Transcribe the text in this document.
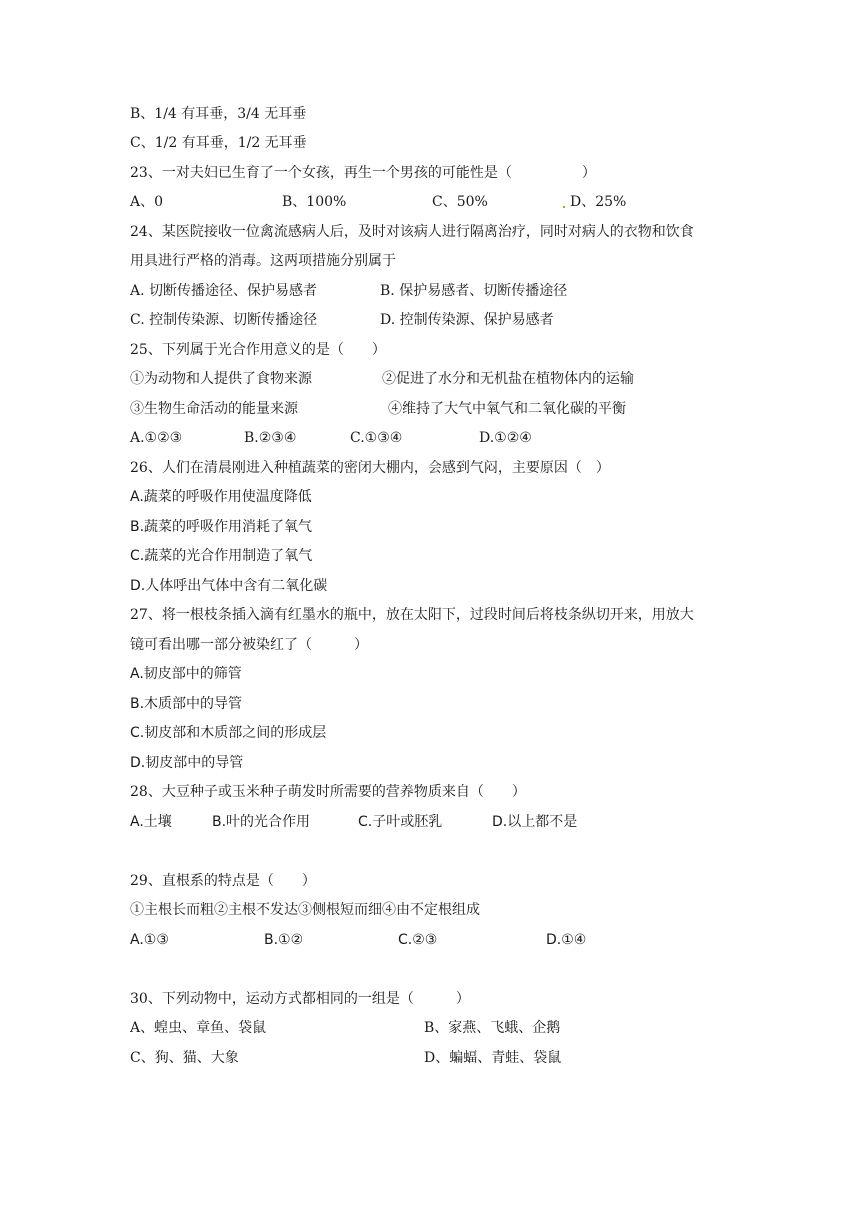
B、1/4 有耳垂，3/4 无耳垂
C、1/2 有耳垂，1/2 无耳垂
23、一对夫妇已生育了一个女孩，再生一个男孩的可能性是（　　　　　）
A、0	B、100%	C、50%	D、25%
24、某医院接收一位禽流感病人后，及时对该病人进行隔离治疗，同时对病人的衣物和饮食
用具进行严格的消毒。这两项措施分别属于
A. 切断传播途径、保护易感者	B. 保护易感者、切断传播途径
C. 控制传染源、切断传播途径	D. 控制传染源、保护易感者
25、下列属于光合作用意义的是（　　）
①为动物和人提供了食物来源	②促进了水分和无机盐在植物体内的运输
③生物生命活动的能量来源	④维持了大气中氧气和二氧化碳的平衡
A.①②③	B.②③④	C.①③④	D.①②④
26、人们在清晨刚进入种植蔬菜的密闭大棚内，会感到气闷，主要原因（　）
A.蔬菜的呼吸作用使温度降低
B.蔬菜的呼吸作用消耗了氧气
C.蔬菜的光合作用制造了氧气
D.人体呼出气体中含有二氧化碳
27、将一根枝条插入滴有红墨水的瓶中，放在太阳下，过段时间后将枝条纵切开来，用放大
镜可看出哪一部分被染红了（　　　）
A.韧皮部中的筛管
B.木质部中的导管
C.韧皮部和木质部之间的形成层
D.韧皮部中的导管
28、大豆种子或玉米种子萌发时所需要的营养物质来自（　　）
A.土壤	B.叶的光合作用	C.子叶或胚乳	D.以上都不是
29、直根系的特点是（　　）
①主根长而粗②主根不发达③侧根短而细④由不定根组成
A.①③	B.①②	C.②③	D.①④
30、下列动物中，运动方式都相同的一组是（　　　）
A、蝗虫、章鱼、袋鼠	B、家燕、飞蛾、企鹅
C、狗、猫、大象	D、蝙蝠、青蛙、袋鼠
